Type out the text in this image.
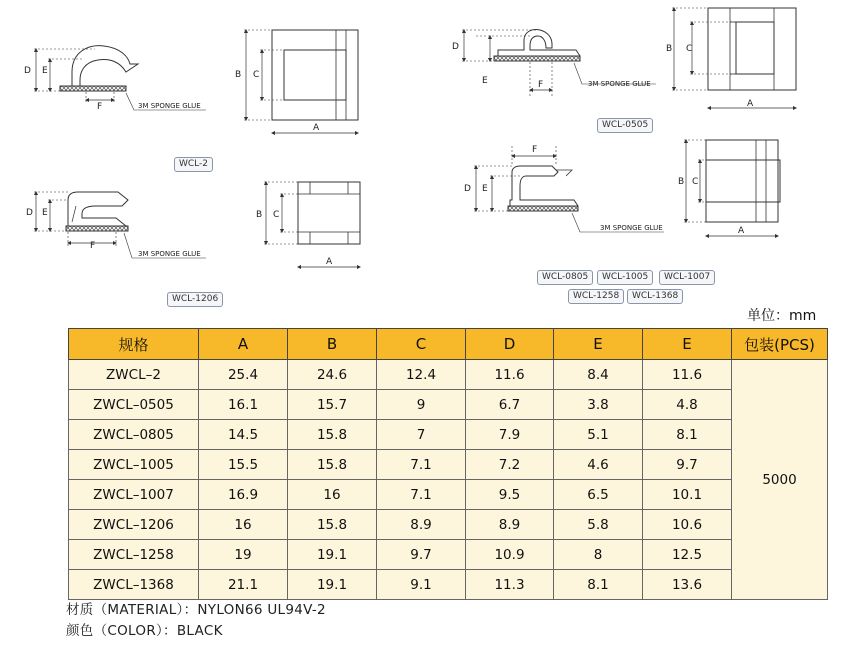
D E
F	3M SPONGE GLUE
B C
A
D E
F
3M SPONGE GLUE
B C
A
D
E	F	3M SPONGE GLUE
B C
A
D E
F
3M SPONGE GLUE
B C
A
WCL-2
WCL-0505
WCL-1206
WCL-0805	WCL-1005	WCL-1007
WCL-1258	WCL-1368
单位：mm
规格	A	B	C	D	E	E	包装(PCS)
ZWCL–2	25.4	24.6	12.4	11.6	8.4	11.6	5000
ZWCL–0505	16.1	15.7	9	6.7	3.8	4.8	
ZWCL–0805	14.5	15.8	7	7.9	5.1	8.1	
ZWCL–1005	15.5	15.8	7.1	7.2	4.6	9.7	
ZWCL–1007	16.9	16	7.1	9.5	6.5	10.1	
ZWCL–1206	16	15.8	8.9	8.9	5.8	10.6	
ZWCL–1258	19	19.1	9.7	10.9	8	12.5	
ZWCL–1368	21.1	19.1	9.1	11.3	8.1	13.6	
材质（MATERIAL）：NYLON66 UL94V-2
颜色（COLOR）：BLACK
